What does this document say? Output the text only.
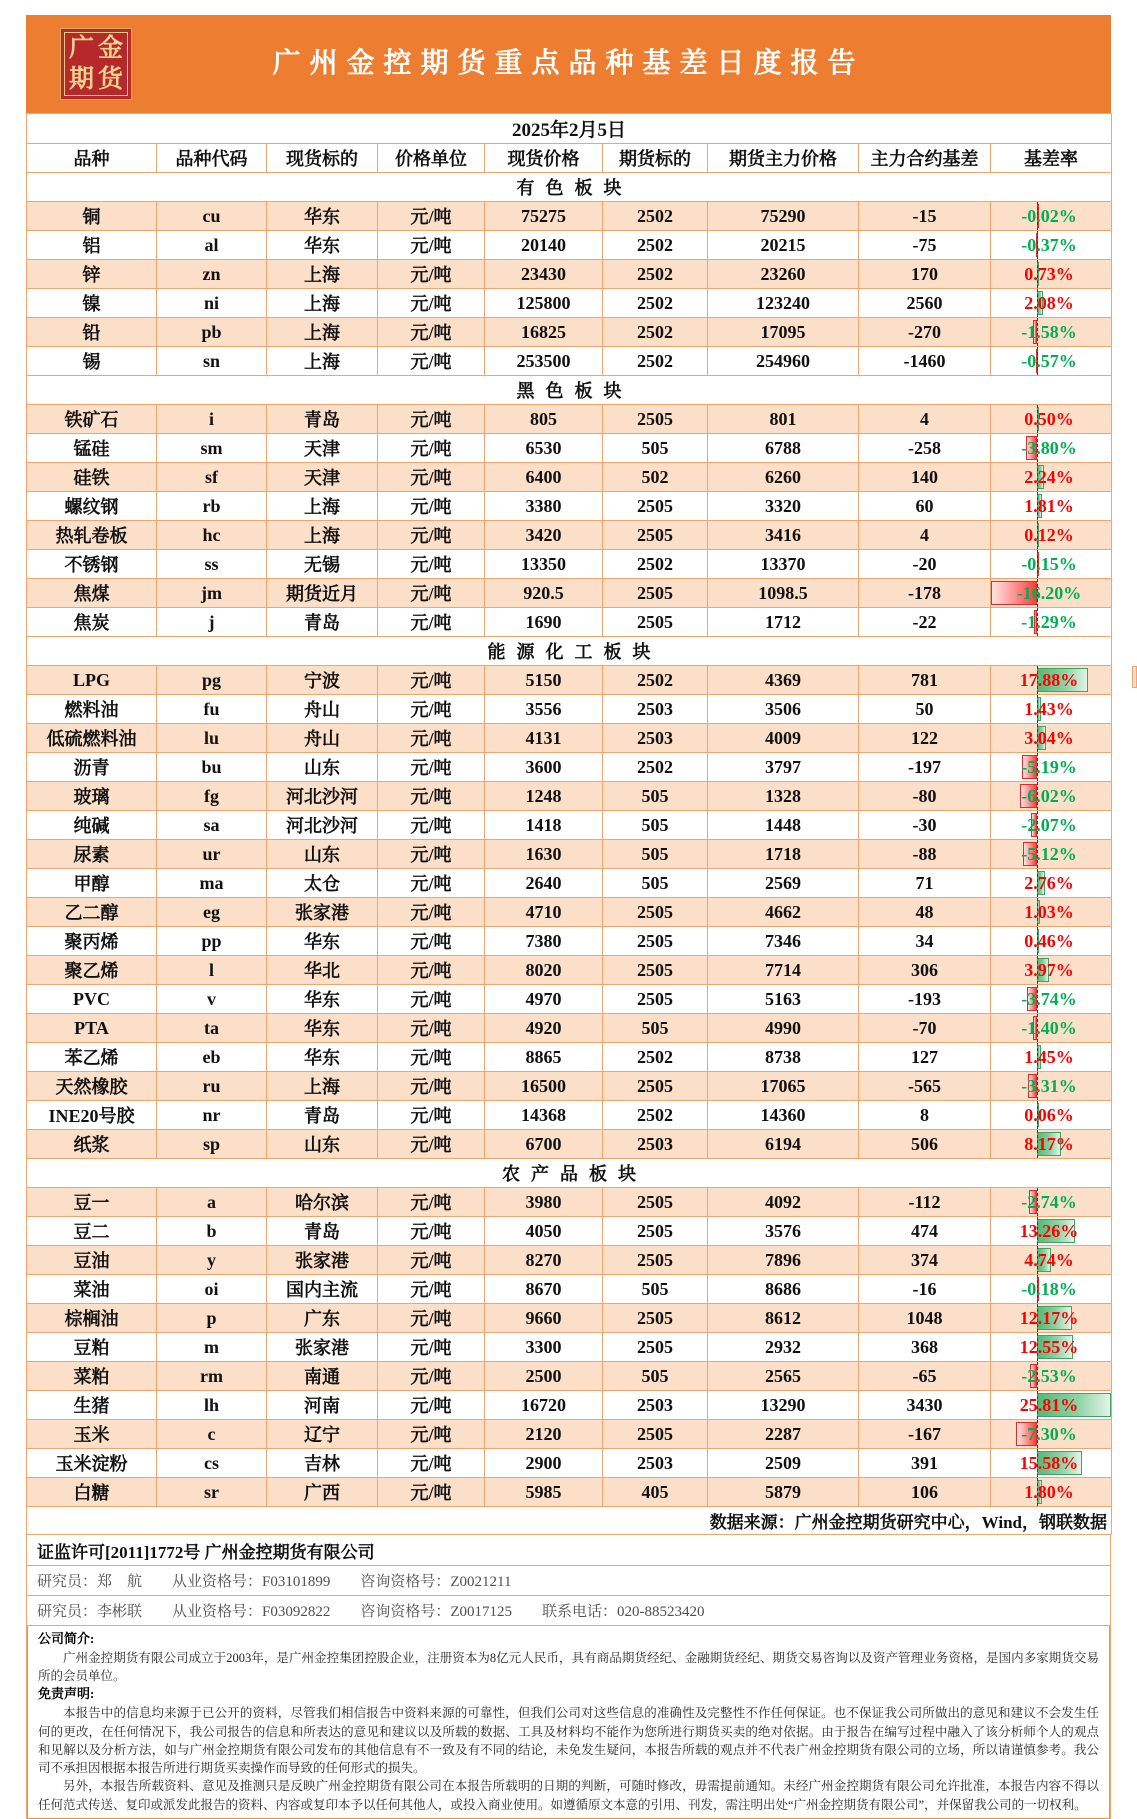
广金
期货
广州金控期货重点品种基差日度报告
2025年2月5日								
品种	品种代码	现货标的	价格单位	现货价格	期货标的	期货主力价格	主力合约基差	基差率
有色板块								
铜	cu	华东	元/吨	75275	2502	75290	-15	-0.02%
铝	al	华东	元/吨	20140	2502	20215	-75	-0.37%
锌	zn	上海	元/吨	23430	2502	23260	170	0.73%
镍	ni	上海	元/吨	125800	2502	123240	2560	2.08%
铅	pb	上海	元/吨	16825	2502	17095	-270	-1.58%
锡	sn	上海	元/吨	253500	2502	254960	-1460	-0.57%
黑色板块								
铁矿石	i	青岛	元/吨	805	2505	801	4	0.50%
锰硅	sm	天津	元/吨	6530	505	6788	-258	-3.80%
硅铁	sf	天津	元/吨	6400	502	6260	140	2.24%
螺纹钢	rb	上海	元/吨	3380	2505	3320	60	1.81%
热轧卷板	hc	上海	元/吨	3420	2505	3416	4	0.12%
不锈钢	ss	无锡	元/吨	13350	2502	13370	-20	-0.15%
焦煤	jm	期货近月	元/吨	920.5	2505	1098.5	-178	-16.20%
焦炭	j	青岛	元/吨	1690	2505	1712	-22	-1.29%
能源化工板块								
LPG	pg	宁波	元/吨	5150	2502	4369	781	17.88%
燃料油	fu	舟山	元/吨	3556	2503	3506	50	1.43%
低硫燃料油	lu	舟山	元/吨	4131	2503	4009	122	3.04%
沥青	bu	山东	元/吨	3600	2502	3797	-197	-5.19%
玻璃	fg	河北沙河	元/吨	1248	505	1328	-80	-6.02%
纯碱	sa	河北沙河	元/吨	1418	505	1448	-30	-2.07%
尿素	ur	山东	元/吨	1630	505	1718	-88	-5.12%
甲醇	ma	太仓	元/吨	2640	505	2569	71	2.76%
乙二醇	eg	张家港	元/吨	4710	2505	4662	48	1.03%
聚丙烯	pp	华东	元/吨	7380	2505	7346	34	0.46%
聚乙烯	l	华北	元/吨	8020	2505	7714	306	3.97%
PVC	v	华东	元/吨	4970	2505	5163	-193	-3.74%
PTA	ta	华东	元/吨	4920	505	4990	-70	-1.40%
苯乙烯	eb	华东	元/吨	8865	2502	8738	127	1.45%
天然橡胶	ru	上海	元/吨	16500	2505	17065	-565	-3.31%
INE20号胶	nr	青岛	元/吨	14368	2502	14360	8	0.06%
纸浆	sp	山东	元/吨	6700	2503	6194	506	8.17%
农产品板块								
豆一	a	哈尔滨	元/吨	3980	2505	4092	-112	-2.74%
豆二	b	青岛	元/吨	4050	2505	3576	474	13.26%
豆油	y	张家港	元/吨	8270	2505	7896	374	4.74%
菜油	oi	国内主流	元/吨	8670	505	8686	-16	-0.18%
棕榈油	p	广东	元/吨	9660	2505	8612	1048	12.17%
豆粕	m	张家港	元/吨	3300	2505	2932	368	12.55%
菜粕	rm	南通	元/吨	2500	505	2565	-65	-2.53%
生猪	lh	河南	元/吨	16720	2503	13290	3430	25.81%
玉米	c	辽宁	元/吨	2120	2505	2287	-167	-7.30%
玉米淀粉	cs	吉林	元/吨	2900	2503	2509	391	15.58%
白糖	sr	广西	元/吨	5985	405	5879	106	1.80%
数据来源：广州金控期货研究中心，Wind，钢联数据								
证监许可[2011]1772号 广州金控期货有限公司
研究员：郑　航　　从业资格号：F03101899　　咨询资格号：Z0021211
研究员：李彬联　　从业资格号：F03092822　　咨询资格号：Z0017125　　联系电话：020-88523420
公司简介:

广州金控期货有限公司成立于2003年，是广州金控集团控股企业，注册资本为8亿元人民币，具有商品期货经纪、金融期货经纪、期货交易咨询以及资产管理业务资格，是国内多家期货交易所的会员单位。

免责声明:

本报告中的信息均来源于已公开的资料，尽管我们相信报告中资料来源的可靠性，但我们公司对这些信息的准确性及完整性不作任何保证。也不保证我公司所做出的意见和建议不会发生任何的更改，在任何情况下，我公司报告的信息和所表达的意见和建议以及所载的数据、工具及材料均不能作为您所进行期货买卖的绝对依据。由于报告在编写过程中融入了该分析师个人的观点和见解以及分析方法，如与广州金控期货有限公司发布的其他信息有不一致及有不同的结论，未免发生疑问，本报告所载的观点并不代表广州金控期货有限公司的立场，所以请谨慎参考。我公司不承担因根据本报告所进行期货买卖操作而导致的任何形式的损失。

另外，本报告所载资料、意见及推测只是反映广州金控期货有限公司在本报告所载明的日期的判断，可随时修改，毋需提前通知。未经广州金控期货有限公司允许批准，本报告内容不得以任何范式传送、复印或派发此报告的资料、内容或复印本予以任何其他人，或投入商业使用。如遵循原文本意的引用、刊发，需注明出处“广州金控期货有限公司”，并保留我公司的一切权利。
